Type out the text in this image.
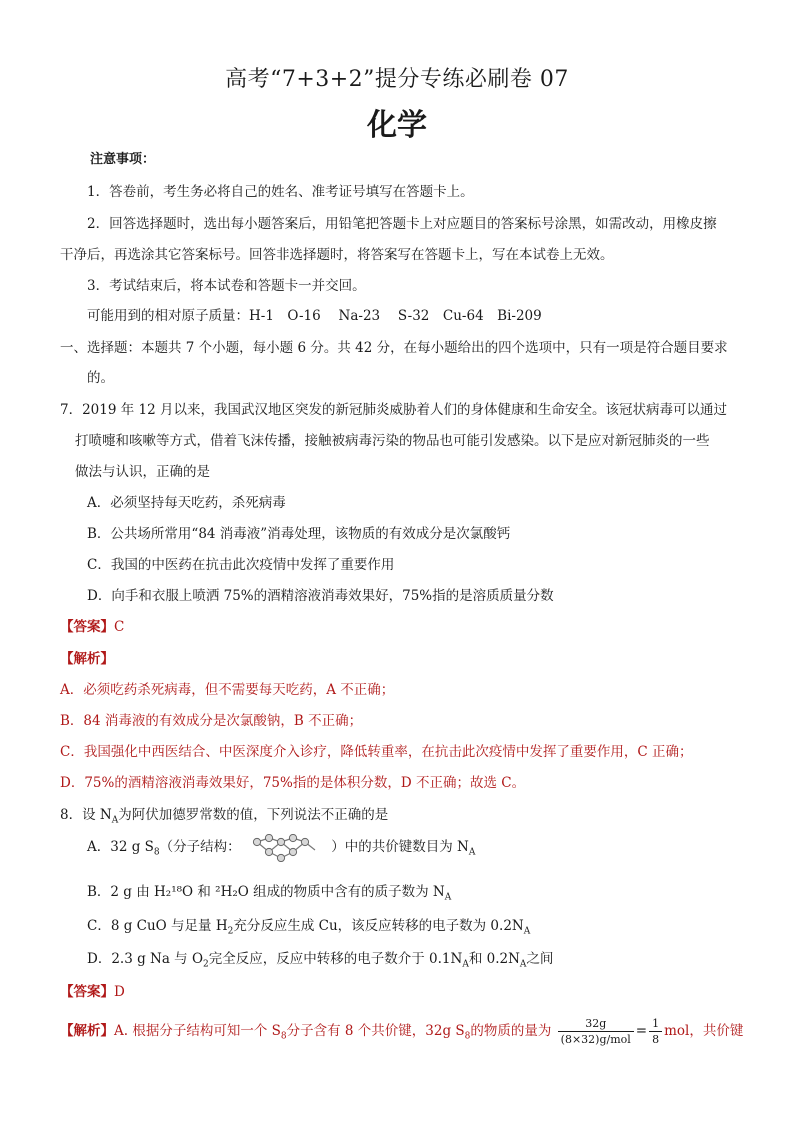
高考“7+3+2”提分专练必刷卷 07
化学
注意事项：
1．答卷前，考生务必将自己的姓名、准考证号填写在答题卡上。
2．回答选择题时，选出每小题答案后，用铅笔把答题卡上对应题目的答案标号涂黑，如需改动，用橡皮擦
干净后，再选涂其它答案标号。回答非选择题时，将答案写在答题卡上，写在本试卷上无效。
3．考试结束后，将本试卷和答题卡一并交回。
可能用到的相对原子质量：H-1　O-16　 Na-23　 S-32　Cu-64　Bi-209
一、选择题：本题共 7 个小题，每小题 6 分。共 42 分，在每小题给出的四个选项中，只有一项是符合题目要求
的。
7．2019 年 12 月以来，我国武汉地区突发的新冠肺炎威胁着人们的身体健康和生命安全。该冠状病毒可以通过
打喷嚏和咳嗽等方式，借着飞沫传播，接触被病毒污染的物品也可能引发感染。以下是应对新冠肺炎的一些
做法与认识，正确的是
A．必须坚持每天吃药，杀死病毒
B．公共场所常用“84 消毒液”消毒处理，该物质的有效成分是次氯酸钙
C．我国的中医药在抗击此次疫情中发挥了重要作用
D．向手和衣服上喷洒 75%的酒精溶液消毒效果好，75%指的是溶质质量分数
【答案】C
【解析】
A．必须吃药杀死病毒，但不需要每天吃药，A 不正确；
B．84 消毒液的有效成分是次氯酸钠，B 不正确；
C．我国强化中西医结合、中医深度介入诊疗，降低转重率，在抗击此次疫情中发挥了重要作用，C 正确；
D．75%的酒精溶液消毒效果好，75%指的是体积分数，D 不正确；故选 C。
8．设 $N_A$为阿伏加德罗常数的值，下列说法不正确的是
A．32 g $S_8$（分子结构：	）中的共价键数目为 $N_A$
B．2 g 由 H₂¹⁸O 和 ²H₂O 组成的物质中含有的质子数为 $N_A$
C．8 g CuO 与足量 $H_2$充分反应生成 Cu，该反应转移的电子数为 $0.2N_A$
D．2.3 g Na 与 $O_2$完全反应，反应中转移的电子数介于 $0.1N_A$和 $0.2N_A$之间
【答案】D
【解析】A. 根据分子结构可知一个 $S_8$分子含有 8 个共价键，32g $S_8$的物质的量为 $\frac{32g}{\text{(8×32)g/mol}} = \frac{1}{8}$ mol，共价键
